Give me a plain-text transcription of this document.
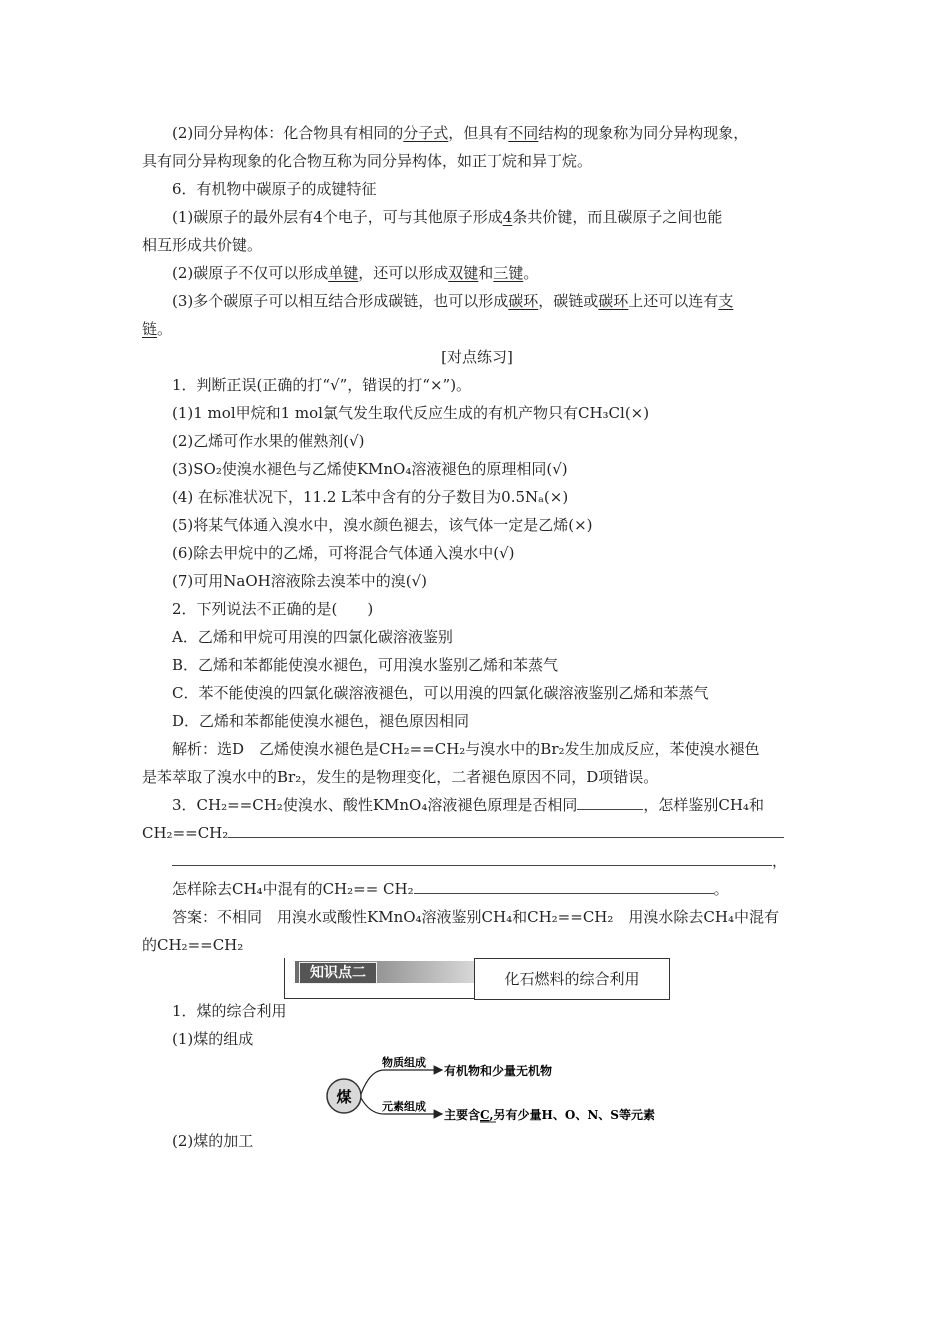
(2)同分异构体：化合物具有相同的分子式，但具有不同结构的现象称为同分异构现象，
具有同分异构现象的化合物互称为同分异构体，如正丁烷和异丁烷。
6．有机物中碳原子的成键特征
(1)碳原子的最外层有4个电子，可与其他原子形成4条共价键，而且碳原子之间也能
相互形成共价键。
(2)碳原子不仅可以形成单键，还可以形成双键和三键。
(3)多个碳原子可以相互结合形成碳链，也可以形成碳环，碳链或碳环上还可以连有支
链。
[对点练习]
1．判断正误(正确的打“√”，错误的打“×”)。
(1)1 mol甲烷和1 mol氯气发生取代反应生成的有机产物只有CH₃Cl(×)
(2)乙烯可作水果的催熟剂(√)
(3)SO₂使溴水褪色与乙烯使KMnO₄溶液褪色的原理相同(√)
(4) 在标准状况下，11.2 L苯中含有的分子数目为0.5Nₐ(×)
(5)将某气体通入溴水中，溴水颜色褪去，该气体一定是乙烯(×)
(6)除去甲烷中的乙烯，可将混合气体通入溴水中(√)
(7)可用NaOH溶液除去溴苯中的溴(√)
2．下列说法不正确的是(　　)
A．乙烯和甲烷可用溴的四氯化碳溶液鉴别
B．乙烯和苯都能使溴水褪色，可用溴水鉴别乙烯和苯蒸气
C．苯不能使溴的四氯化碳溶液褪色，可以用溴的四氯化碳溶液鉴别乙烯和苯蒸气
D．乙烯和苯都能使溴水褪色，褪色原因相同
解析：选D　乙烯使溴水褪色是CH₂==CH₂与溴水中的Br₂发生加成反应，苯使溴水褪色
是苯萃取了溴水中的Br₂，发生的是物理变化，二者褪色原因不同，D项错误。
3．CH₂==CH₂使溴水、酸性KMnO₄溶液褪色原理是否相同	，怎样鉴别CH₄和
CH₂==CH₂
，
怎样除去CH₄中混有的CH₂== CH₂	。
答案：不相同　用溴水或酸性KMnO₄溶液鉴别CH₄和CH₂==CH₂　用溴水除去CH₄中混有
的CH₂==CH₂
知识点二	化石燃料的综合利用
1．煤的综合利用
(1)煤的组成
煤
物质组成
元素组成
有机物和少量无机物
主要含C,另有少量H、O、N、S等元素
(2)煤的加工
